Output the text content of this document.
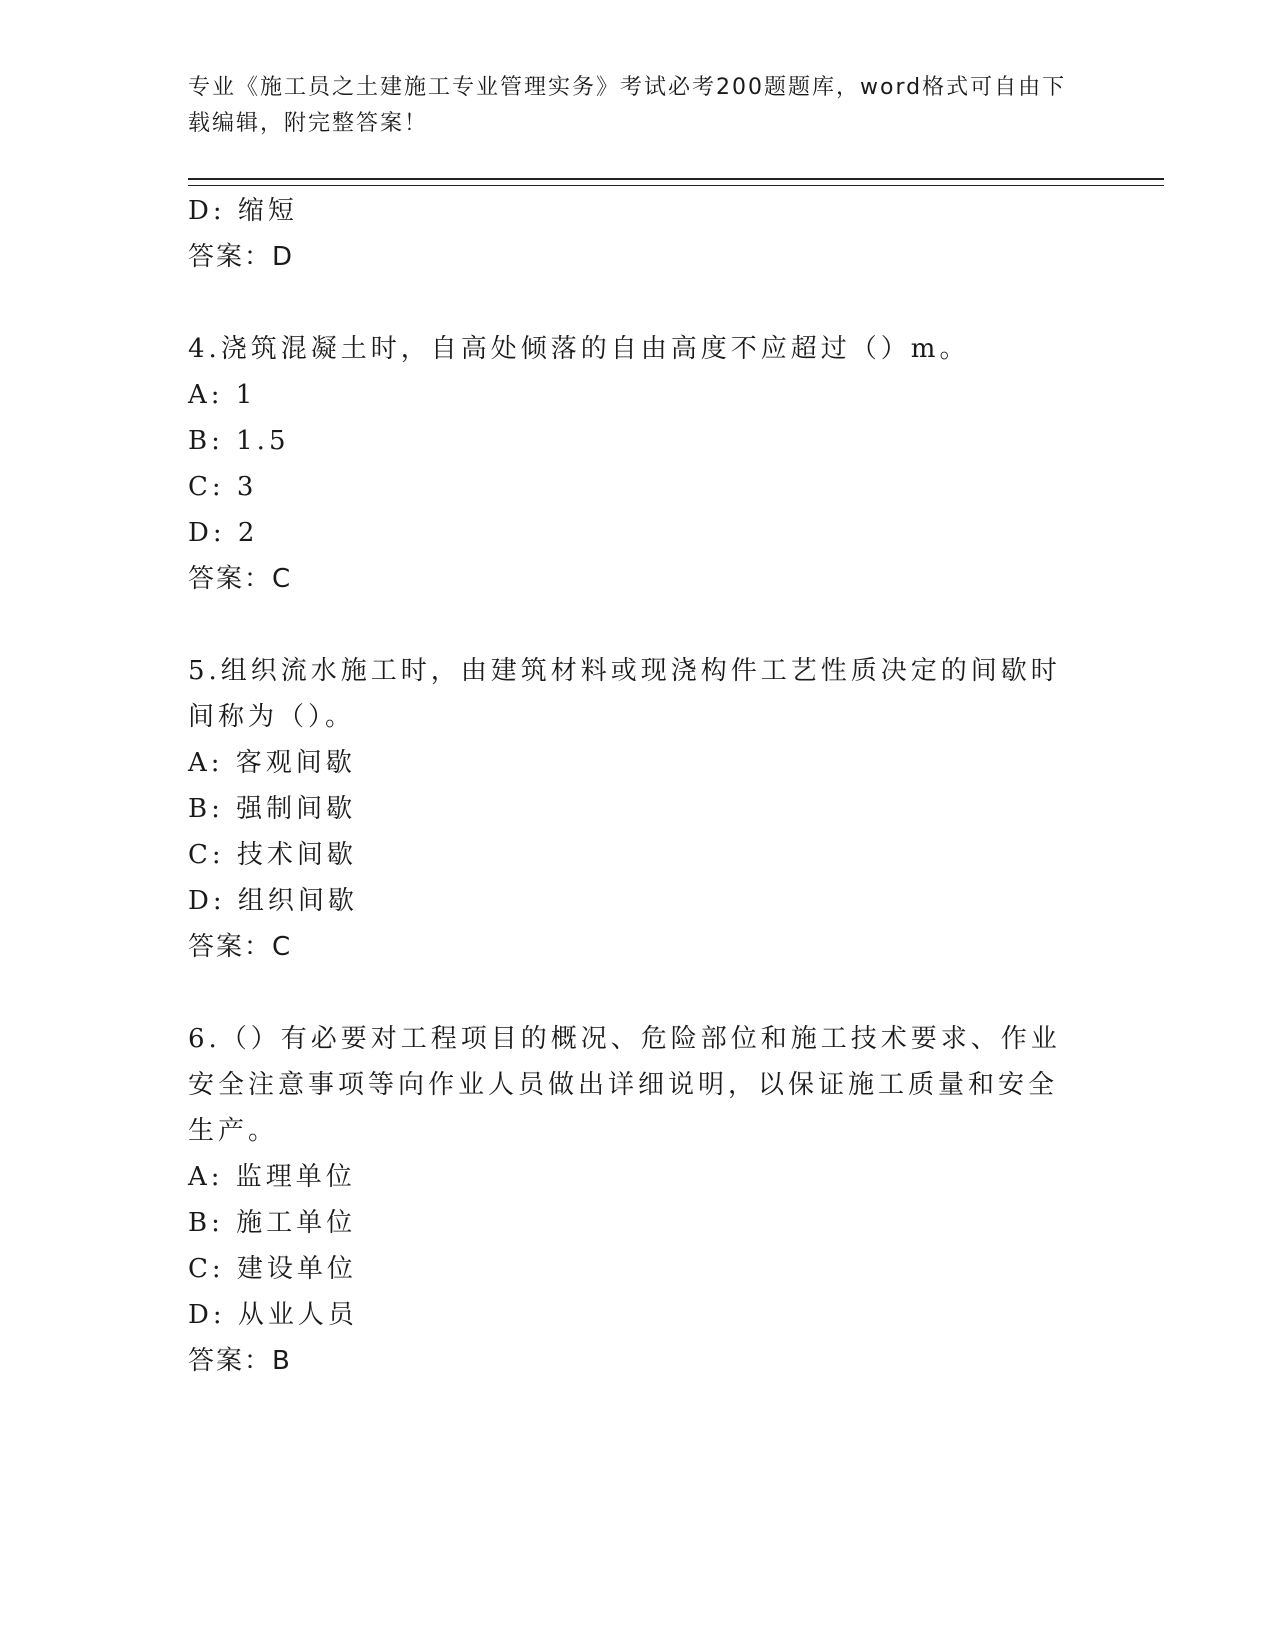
专业《施工员之土建施工专业管理实务》考试必考200题题库，word格式可自由下载编辑，附完整答案！
D: 缩短
答案：D
4.浇筑混凝土时，自高处倾落的自由高度不应超过（）m。
A: 1
B: 1.5
C: 3
D: 2
答案：C
5.组织流水施工时，由建筑材料或现浇构件工艺性质决定的间歇时间称为（）。
A: 客观间歇
B: 强制间歇
C: 技术间歇
D: 组织间歇
答案：C
6.（）有必要对工程项目的概况、危险部位和施工技术要求、作业安全注意事项等向作业人员做出详细说明，以保证施工质量和安全生产。
A: 监理单位
B: 施工单位
C: 建设单位
D: 从业人员
答案：B
